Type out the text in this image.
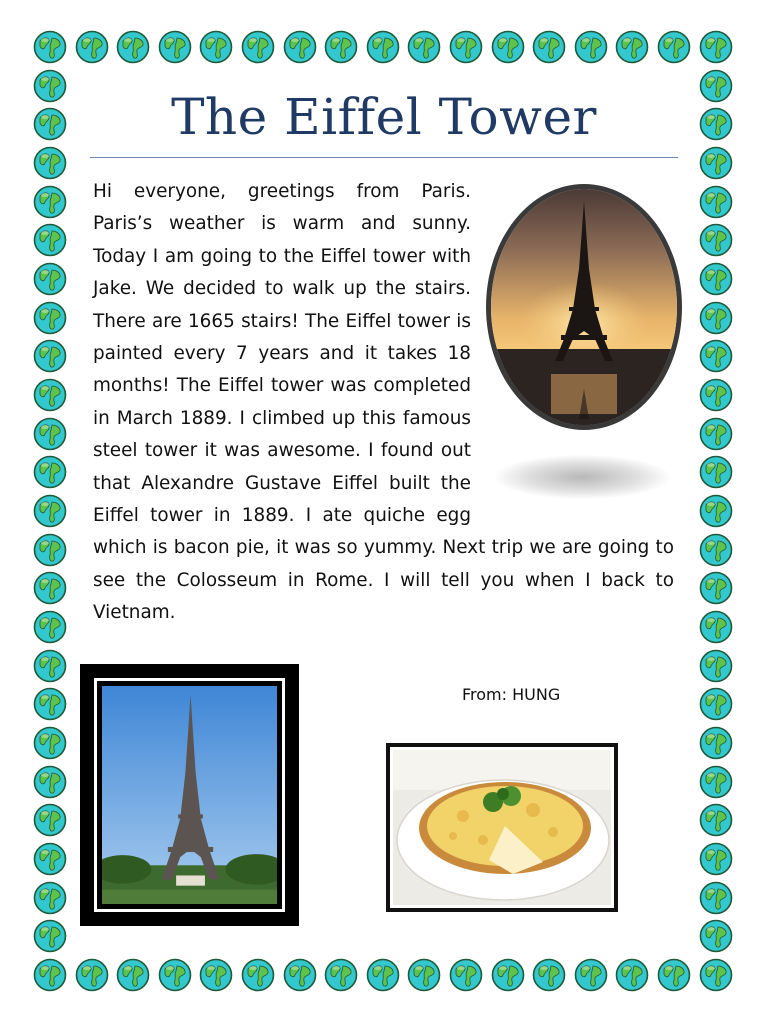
The Eiffel Tower

Hi everyone, greetings from Paris. Paris’s weather is warm and sunny. Today I am going to the Eiffel tower with Jake. We decided to walk up the stairs. There are 1665 stairs! The Eiffel tower is painted every 7 years and it takes 18 months! The Eiffel tower was completed in March 1889. I climbed up this famous steel tower it was awesome. I found out that Alexandre Gustave Eiffel built the Eiffel tower in 1889. I ate quiche egg which is bacon pie, it was so yummy. Next trip we are going to see the Colosseum in Rome. I will tell you when I back to Vietnam.

From: HUNG
